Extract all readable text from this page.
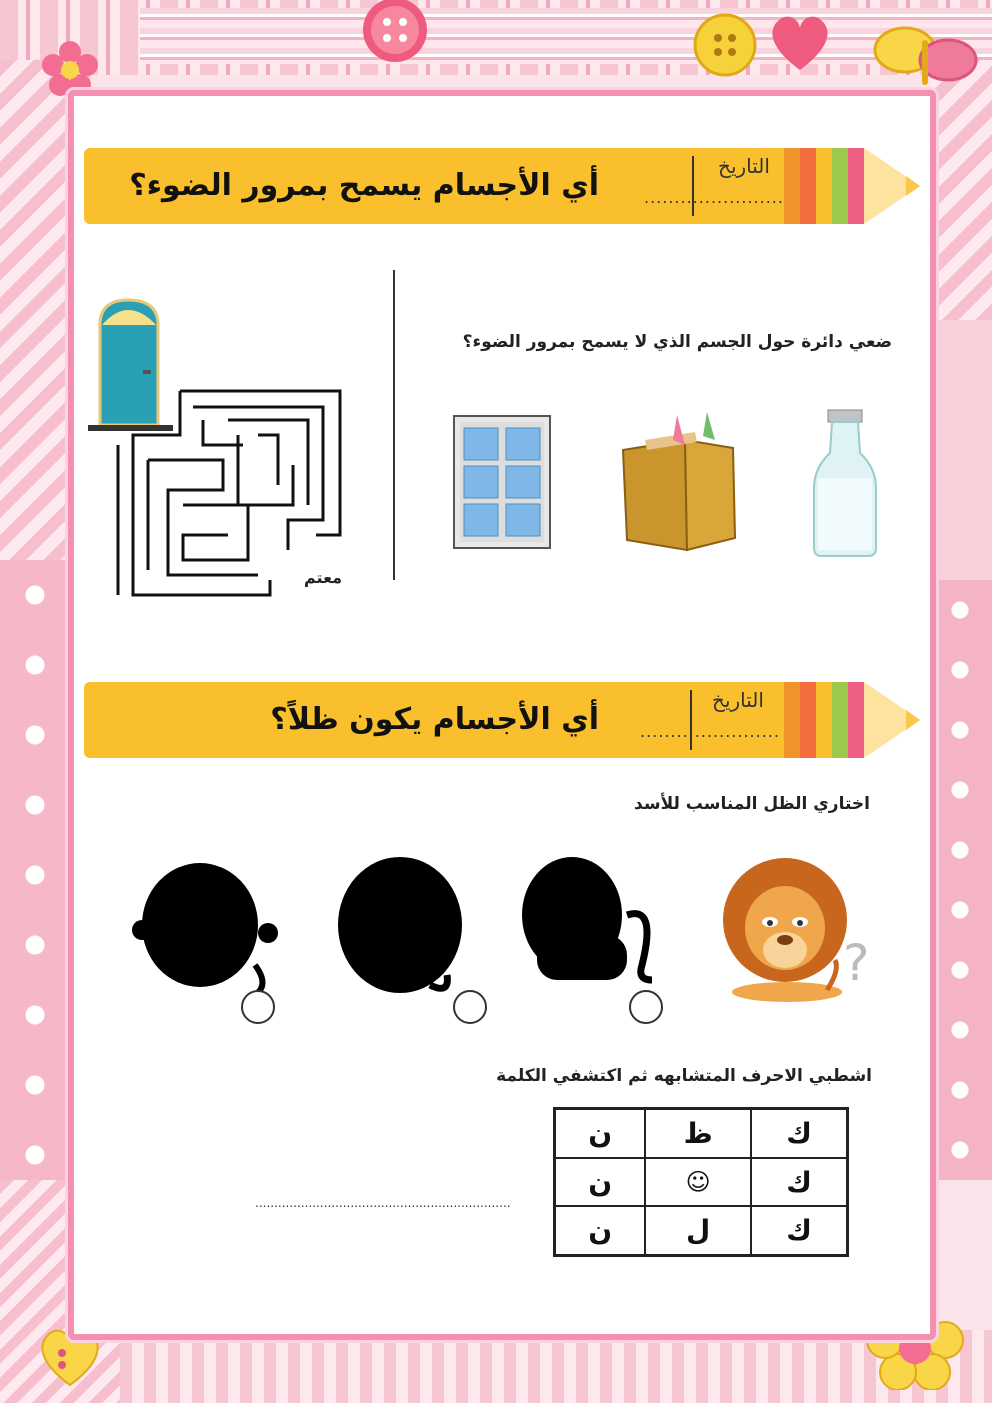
أي الأجسام يسمح بمرور الضوء؟
التاريخ
.......................
ضعي دائرة حول الجسم الذي لا يسمح بمرور الضوء؟
معتم
أي الأجسام يكون ظلاً؟
التاريخ
.......................
اختاري الظل المناسب للأسد
?
اشطبي الاحرف المتشابهه ثم اكتشفي الكلمة
...................................................................
ن	ظ	ك
ن	☺	ك
ن	ل	ك
